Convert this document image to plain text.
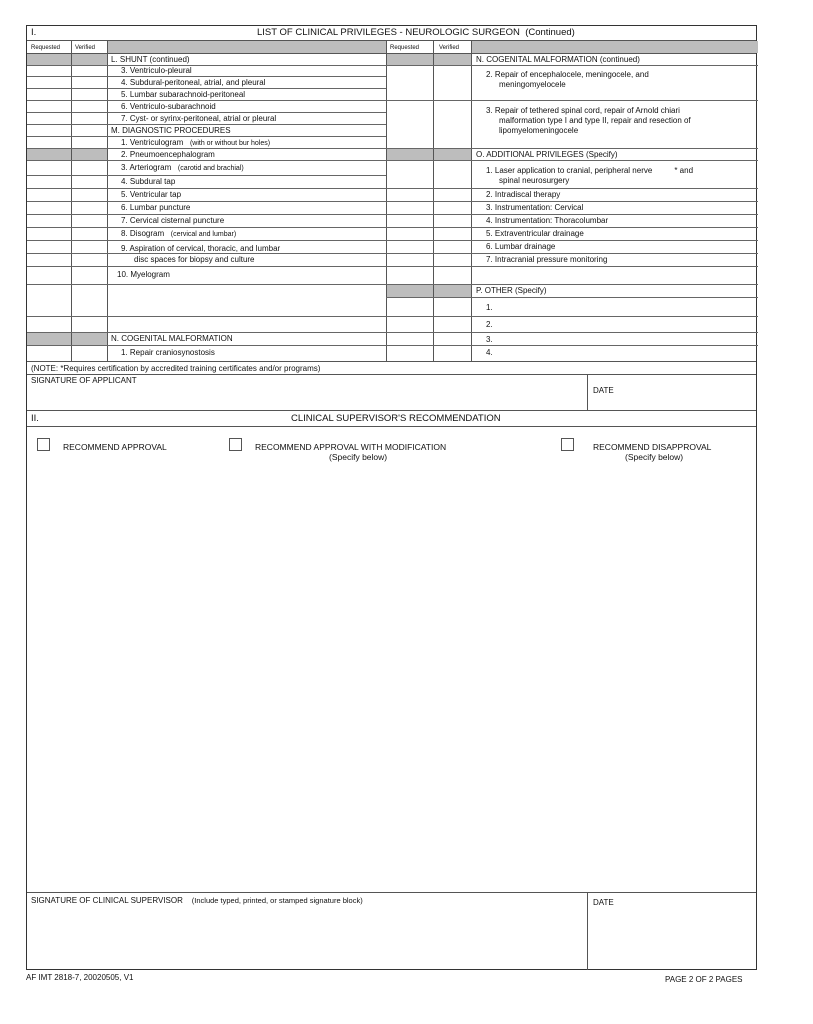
I.	LIST OF CLINICAL PRIVILEGES - NEUROLOGIC SURGEON (Continued)
Requested Verified	Requested	Verified
L. SHUNT (continued)
3. Ventriculo-pleural
4. Subdural-peritoneal, atrial, and pleural
5. Lumbar subarachnoid-peritoneal
6. Ventriculo-subarachnoid
7. Cyst- or syrinx-peritoneal, atrial or pleural
M. DIAGNOSTIC PROCEDURES
1. Ventriculogram (with or without bur holes)
2. Pneumoencephalogram
3. Arteriogram (carotid and brachial)
4. Subdural tap
5. Ventricular tap
6. Lumbar puncture
7. Cervical cisternal puncture
8. Disogram (cervical and lumbar)
9. Aspiration of cervical, thoracic, and lumbar
disc spaces for biopsy and culture
10. Myelogram
N. COGENITAL MALFORMATION
1. Repair craniosynostosis
N. COGENITAL MALFORMATION (continued)
2. Repair of encephalocele, meningocele, and
meningomyelocele
3. Repair of tethered spinal cord, repair of Arnold chiari
malformation type I and type II, repair and resection of
lipomyelomeningocele
O. ADDITIONAL PRIVILEGES (Specify)
1. Laser application to cranial, peripheral nerve	* and
spinal neurosurgery
2. Intradiscal therapy
3. Instrumentation: Cervical
4. Instrumentation: Thoracolumbar
5. Extraventricular drainage
6. Lumbar drainage
7. Intracranial pressure monitoring
P. OTHER (Specify)
1.
2.
3.
4.
(NOTE: *Requires certification by accredited training certificates and/or programs)
SIGNATURE OF APPLICANT
DATE
II.	CLINICAL SUPERVISOR'S RECOMMENDATION
RECOMMEND APPROVAL	RECOMMEND APPROVAL WITH MODIFICATION
(Specify below)
RECOMMEND DISAPPROVAL
(Specify below)
SIGNATURE OF CLINICAL SUPERVISOR (Include typed, printed, or stamped signature block)	DATE
AF IMT 2818-7, 20020505, V1	PAGE 2 OF 2 PAGES
